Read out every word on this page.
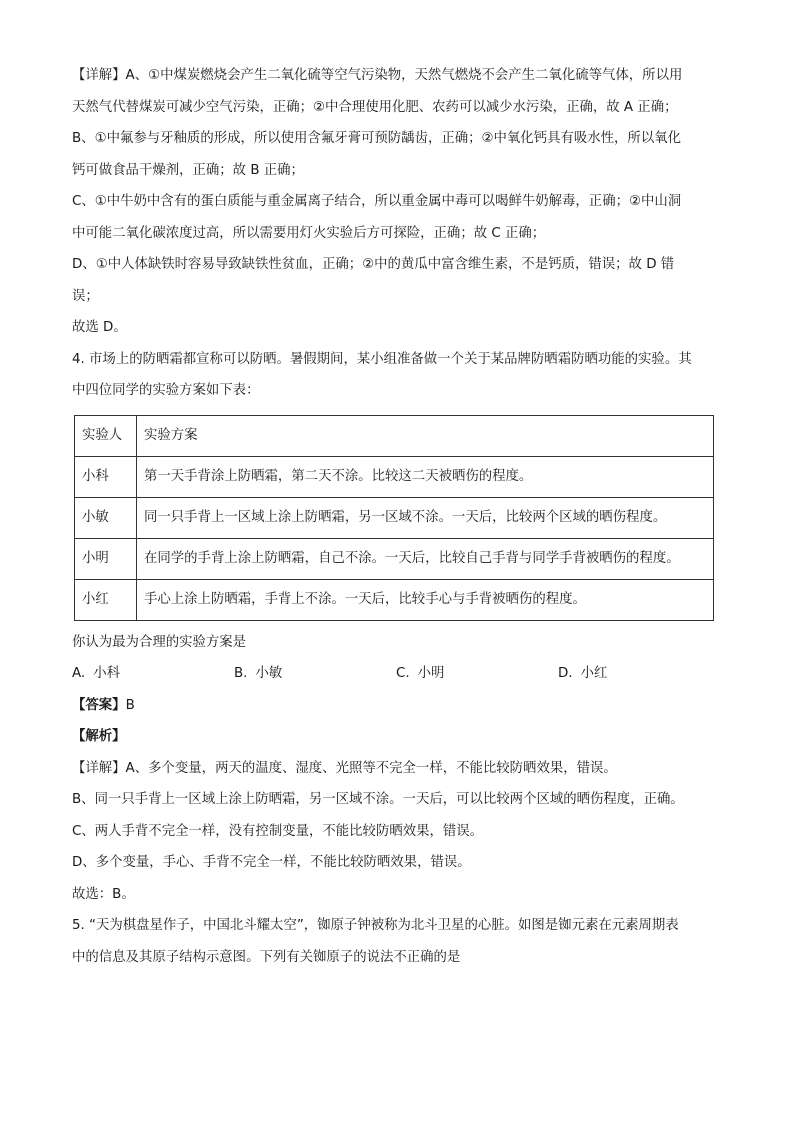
【详解】A、①中煤炭燃烧会产生二氧化硫等空气污染物，天然气燃烧不会产生二氧化硫等气体，所以用
天然气代替煤炭可减少空气污染，正确；②中合理使用化肥、农药可以减少水污染，正确，故 A 正确；
B、①中氟参与牙釉质的形成，所以使用含氟牙膏可预防龋齿，正确；②中氧化钙具有吸水性，所以氧化
钙可做食品干燥剂，正确；故 B 正确；
C、①中牛奶中含有的蛋白质能与重金属离子结合，所以重金属中毒可以喝鲜牛奶解毒，正确；②中山洞
中可能二氧化碳浓度过高，所以需要用灯火实验后方可探险，正确；故 C 正确；
D、①中人体缺铁时容易导致缺铁性贫血，正确；②中的黄瓜中富含维生素，不是钙质，错误；故 D 错
误；
故选 D。
4. 市场上的防晒霜都宣称可以防晒。暑假期间，某小组准备做一个关于某品牌防晒霜防晒功能的实验。其
中四位同学的实验方案如下表：
实验人	实验方案
小科	第一天手背涂上防晒霜，第二天不涂。比较这二天被晒伤的程度。
小敏	同一只手背上一区域上涂上防晒霜，另一区域不涂。一天后，比较两个区域的晒伤程度。
小明	在同学的手背上涂上防晒霜，自己不涂。一天后，比较自己手背与同学手背被晒伤的程度。
小红	手心上涂上防晒霜，手背上不涂。一天后，比较手心与手背被晒伤的程度。
你认为最为合理的实验方案是
A. 小科	B. 小敏	C. 小明	D. 小红
【答案】B
【解析】
【详解】A、多个变量，两天的温度、湿度、光照等不完全一样，不能比较防晒效果，错误。
B、同一只手背上一区域上涂上防晒霜，另一区域不涂。一天后，可以比较两个区域的晒伤程度，正确。
C、两人手背不完全一样，没有控制变量，不能比较防晒效果，错误。
D、多个变量，手心、手背不完全一样，不能比较防晒效果，错误。
故选：B。
5. “天为棋盘星作子，中国北斗耀太空”，铷原子钟被称为北斗卫星的心脏。如图是铷元素在元素周期表
中的信息及其原子结构示意图。下列有关铷原子的说法不正确的是
